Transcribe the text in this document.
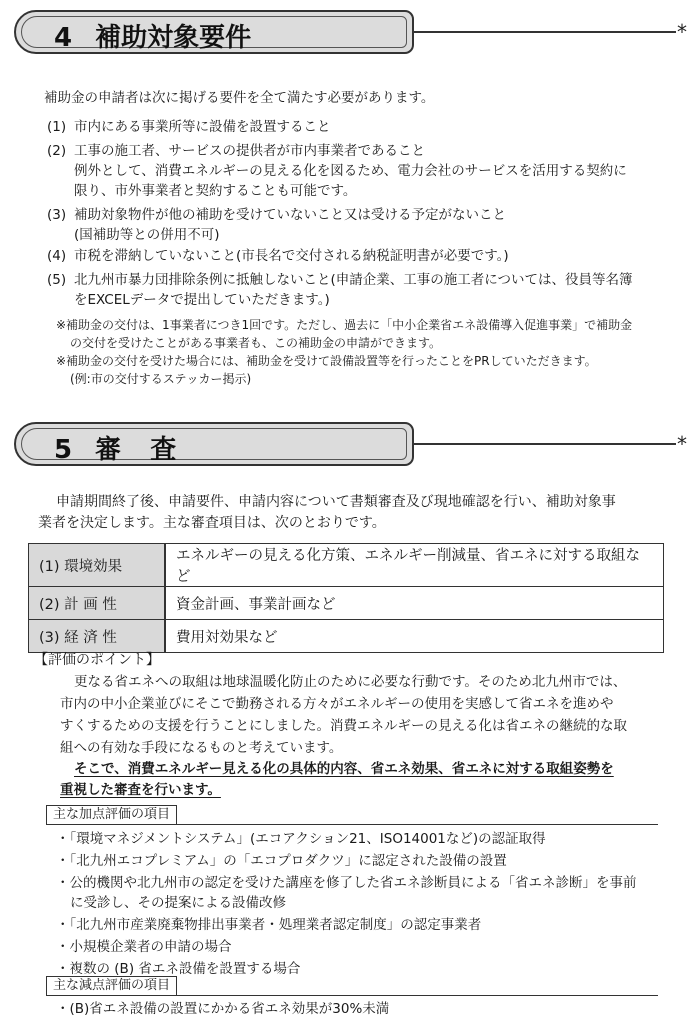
4 補助対象要件	*
補助金の申請者は次に掲げる要件を全て満たす必要があります。
(1) 市内にある事業所等に設備を設置すること
(2) 工事の施工者、サービスの提供者が市内事業者であること
例外として、消費エネルギーの見える化を図るため、電力会社のサービスを活用する契約に
限り、市外事業者と契約することも可能です。
(3) 補助対象物件が他の補助を受けていないこと又は受ける予定がないこと
(国補助等との併用不可)
(4) 市税を滞納していないこと(市長名で交付される納税証明書が必要です。)
(5) 北九州市暴力団排除条例に抵触しないこと(申請企業、工事の施工者については、役員等名簿
をEXCELデータで提出していただきます。)
※補助金の交付は、1事業者につき1回です。ただし、過去に「中小企業省エネ設備導入促進事業」で補助金
の交付を受けたことがある事業者も、この補助金の申請ができます。
※補助金の交付を受けた場合には、補助金を受けて設備設置等を行ったことをPRしていただきます。
(例:市の交付するステッカー掲示)
5 審 査	*
申請期間終了後、申請要件、申請内容について書類審査及び現地確認を行い、補助対象事
業者を決定します。主な審査項目は、次のとおりです。
(1) 環境効果	エネルギーの見える化方策、エネルギー削減量、省エネに対する取組など
(2) 計 画 性	資金計画、事業計画など
(3) 経 済 性	費用対効果など
【評価のポイント】
更なる省エネへの取組は地球温暖化防止のために必要な行動です。そのため北九州市では、
市内の中小企業並びにそこで勤務される方々がエネルギーの使用を実感して省エネを進めや
すくするための支援を行うことにしました。消費エネルギーの見える化は省エネの継続的な取
組への有効な手段になるものと考えています。
そこで、消費エネルギー見える化の具体的内容、省エネ効果、省エネに対する取組姿勢を
重視した審査を行います。
主な加点評価の項目
・「環境マネジメントシステム」(エコアクション21、ISO14001など)の認証取得
・「北九州エコプレミアム」の「エコプロダクツ」に認定された設備の設置
・公的機関や北九州市の認定を受けた講座を修了した省エネ診断員による「省エネ診断」を事前
に受診し、その提案による設備改修
・「北九州市産業廃棄物排出事業者・処理業者認定制度」の認定事業者
・小規模企業者の申請の場合
・複数の (B) 省エネ設備を設置する場合
主な減点評価の項目
・(B)省エネ設備の設置にかかる省エネ効果が30%未満
